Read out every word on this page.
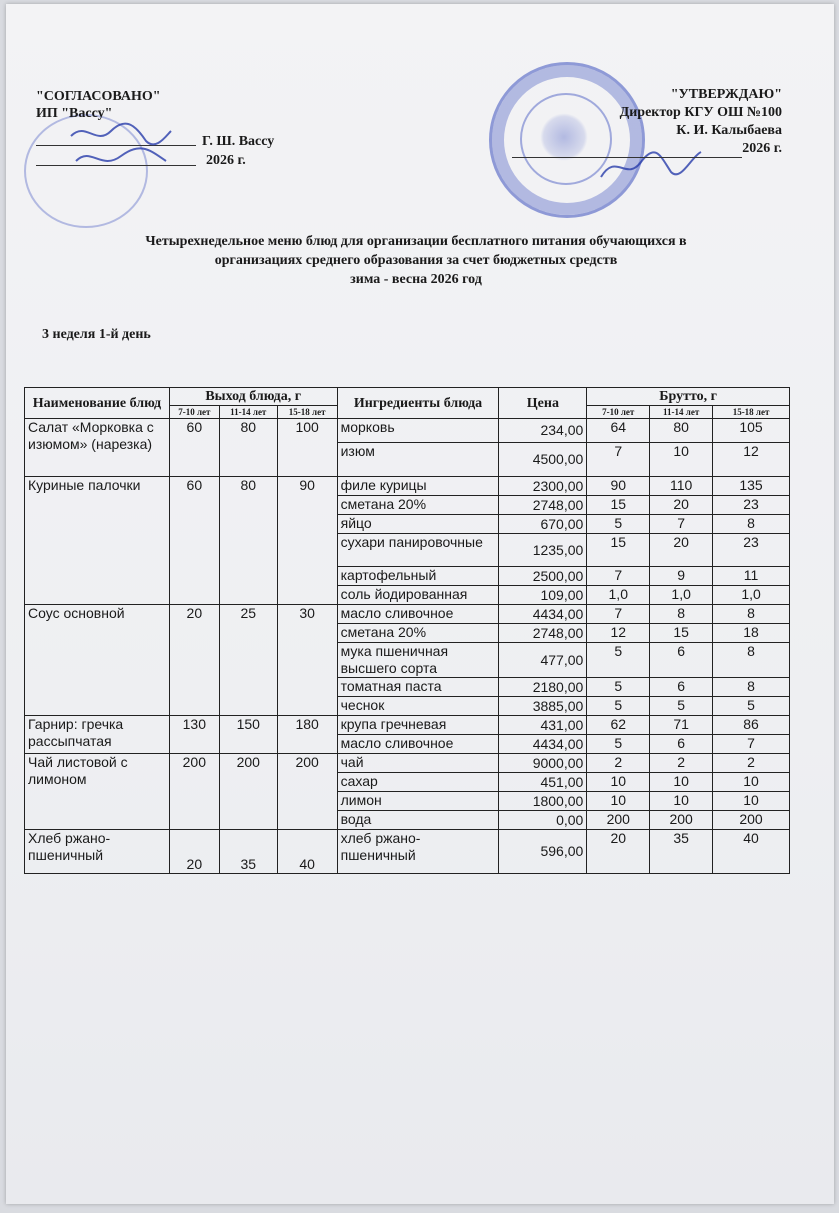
"СОГЛАСОВАНО"
ИП "Вассу"
Г. Ш. Вассу
2026 г.
"УТВЕРЖДАЮ"
Директор КГУ ОШ №100
К. И. Калыбаева
2026 г.
Четырехнедельное меню блюд для организации бесплатного питания обучающихся в
организациях среднего образования за счет бюджетных средств
зима - весна 2026 год
3 неделя 1-й день
Наименование блюд	Выход блюда, г			Ингредиенты блюда	Цена	Брутто, г		
	7-10 лет	11-14 лет	15-18 лет			7-10 лет	11-14 лет	15-18 лет
Салат «Морковка с изюмом» (нарезка)	60	80	100	морковь	234,00	64	80	105
				изюм	4500,00	7	10	12
Куриные палочки	60	80	90	филе курицы	2300,00	90	110	135
				сметана 20%	2748,00	15	20	23
				яйцо	670,00	5	7	8
				сухари панировочные	1235,00	15	20	23
				картофельный	2500,00	7	9	11
				соль йодированная	109,00	1,0	1,0	1,0
Соус основной	20	25	30	масло сливочное	4434,00	7	8	8
				сметана 20%	2748,00	12	15	18
				мука пшеничная высшего сорта	477,00	5	6	8
				томатная паста	2180,00	5	6	8
				чеснок	3885,00	5	5	5
Гарнир: гречка рассыпчатая	130	150	180	крупа гречневая	431,00	62	71	86
				масло сливочное	4434,00	5	6	7
Чай листовой с лимоном	200	200	200	чай	9000,00	2	2	2
				сахар	451,00	10	10	10
				лимон	1800,00	10	10	10
				вода	0,00	200	200	200
Хлеб ржано-пшеничный	20	35	40	хлеб ржано-пшеничный	596,00	20	35	40
